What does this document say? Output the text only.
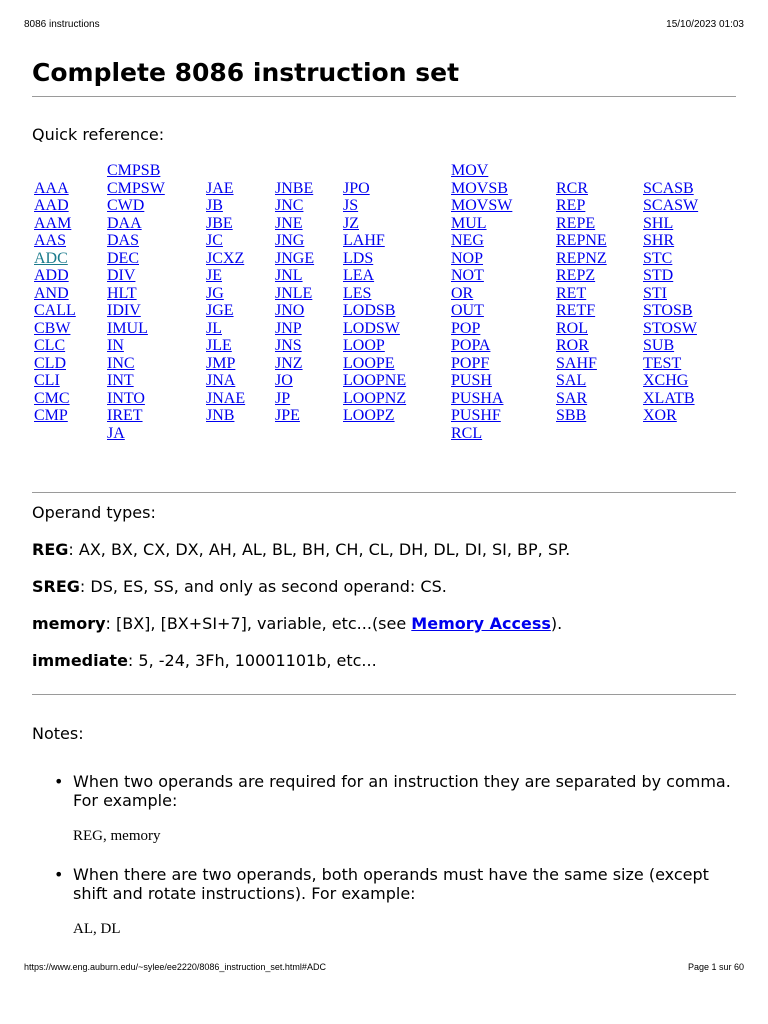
8086 instructions	15/10/2023 01:03
Complete 8086 instruction set
Quick reference:
AAA
AAD
AAM
AAS
ADC
ADD
AND
CALL
CBW
CLC
CLD
CLI
CMC
CMP
CMPSB
CMPSW
CWD
DAA
DAS
DEC
DIV
HLT
IDIV
IMUL
IN
INC
INT
INTO
IRET
JA
JAE
JB
JBE
JC
JCXZ
JE
JG
JGE
JL
JLE
JMP
JNA
JNAE
JNB
JNBE
JNC
JNE
JNG
JNGE
JNL
JNLE
JNO
JNP
JNS
JNZ
JO
JP
JPE
JPO
JS
JZ
LAHF
LDS
LEA
LES
LODSB
LODSW
LOOP
LOOPE
LOOPNE
LOOPNZ
LOOPZ
MOV
MOVSB
MOVSW
MUL
NEG
NOP
NOT
OR
OUT
POP
POPA
POPF
PUSH
PUSHA
PUSHF
RCL
RCR
REP
REPE
REPNE
REPNZ
REPZ
RET
RETF
ROL
ROR
SAHF
SAL
SAR
SBB
SCASB
SCASW
SHL
SHR
STC
STD
STI
STOSB
STOSW
SUB
TEST
XCHG
XLATB
XOR
Operand types:
REG: AX, BX, CX, DX, AH, AL, BL, BH, CH, CL, DH, DL, DI, SI, BP, SP.
SREG: DS, ES, SS, and only as second operand: CS.
memory: [BX], [BX+SI+7], variable, etc...(see Memory Access).
immediate: 5, -24, 3Fh, 10001101b, etc...
Notes:
• When two operands are required for an instruction they are separated by comma. For example:
REG, memory
• When there are two operands, both operands must have the same size (except shift and rotate instructions). For example:
AL, DL
https://www.eng.auburn.edu/~sylee/ee2220/8086_instruction_set.html#ADC	Page 1 sur 60
